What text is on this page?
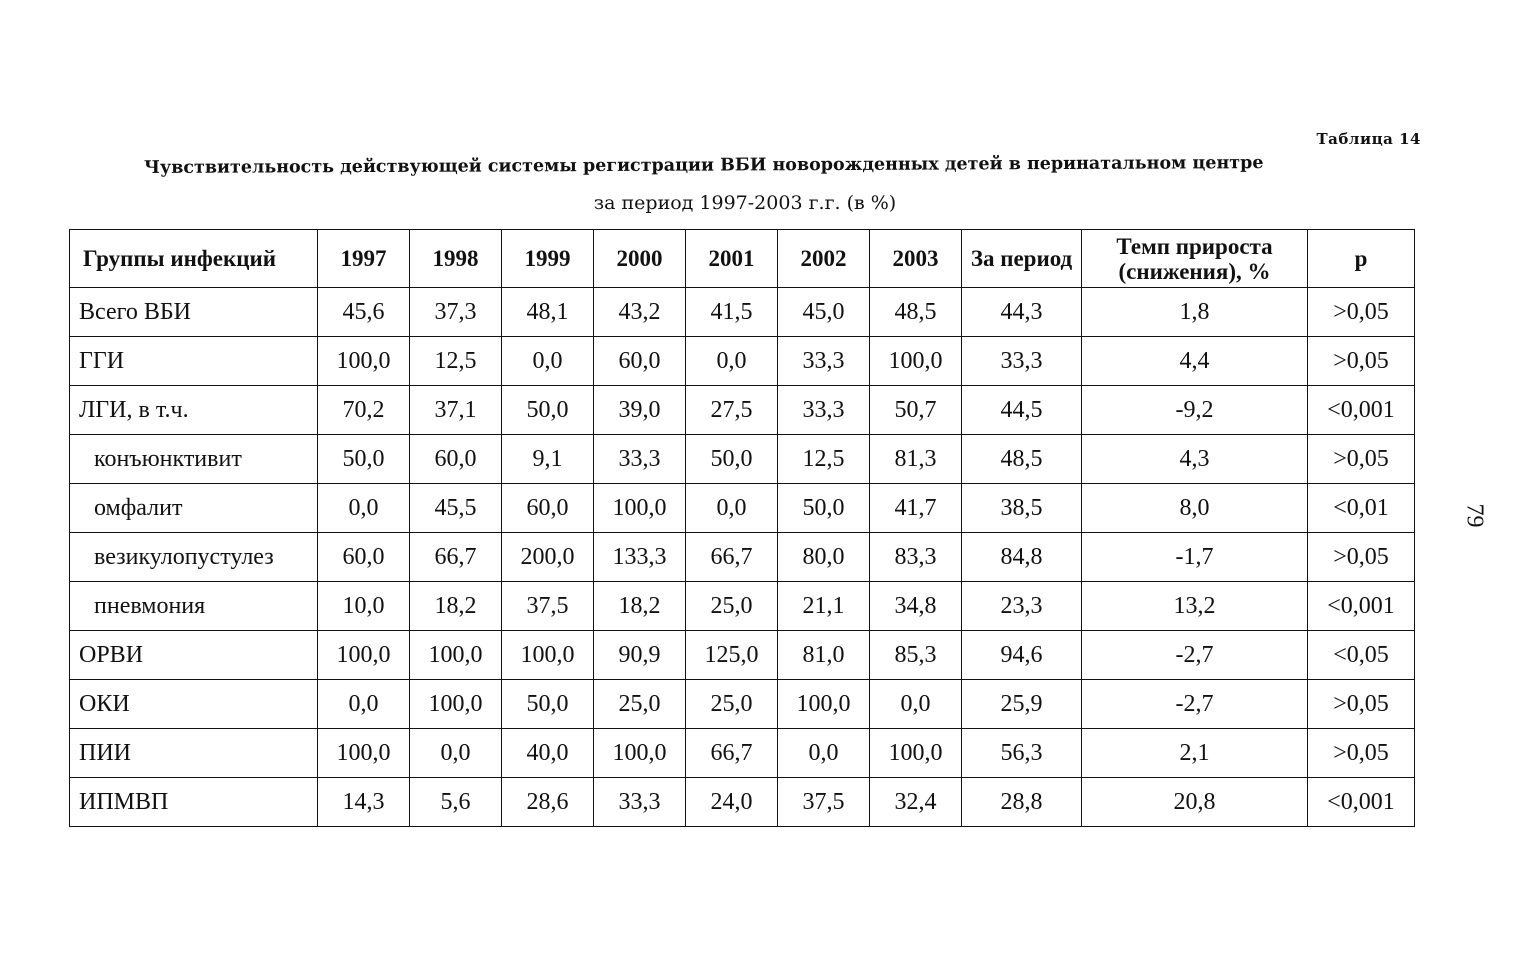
Таблица 14
Чувствительность действующей системы регистрации ВБИ новорожденных детей в перинатальном центре
за период 1997-2003 г.г. (в %)
79
Группы инфекций	1997	1998	1999	2000	2001	2002	2003	За период	Темп прироста (снижения), %	р
Всего ВБИ	45,6	37,3	48,1	43,2	41,5	45,0	48,5	44,3	1,8	>0,05
ГГИ	100,0	12,5	0,0	60,0	0,0	33,3	100,0	33,3	4,4	>0,05
ЛГИ, в т.ч.	70,2	37,1	50,0	39,0	27,5	33,3	50,7	44,5	-9,2	<0,001
конъюнктивит	50,0	60,0	9,1	33,3	50,0	12,5	81,3	48,5	4,3	>0,05
омфалит	0,0	45,5	60,0	100,0	0,0	50,0	41,7	38,5	8,0	<0,01
везикулопустулез	60,0	66,7	200,0	133,3	66,7	80,0	83,3	84,8	-1,7	>0,05
пневмония	10,0	18,2	37,5	18,2	25,0	21,1	34,8	23,3	13,2	<0,001
ОРВИ	100,0	100,0	100,0	90,9	125,0	81,0	85,3	94,6	-2,7	<0,05
ОКИ	0,0	100,0	50,0	25,0	25,0	100,0	0,0	25,9	-2,7	>0,05
ПИИ	100,0	0,0	40,0	100,0	66,7	0,0	100,0	56,3	2,1	>0,05
ИПМВП	14,3	5,6	28,6	33,3	24,0	37,5	32,4	28,8	20,8	<0,001
